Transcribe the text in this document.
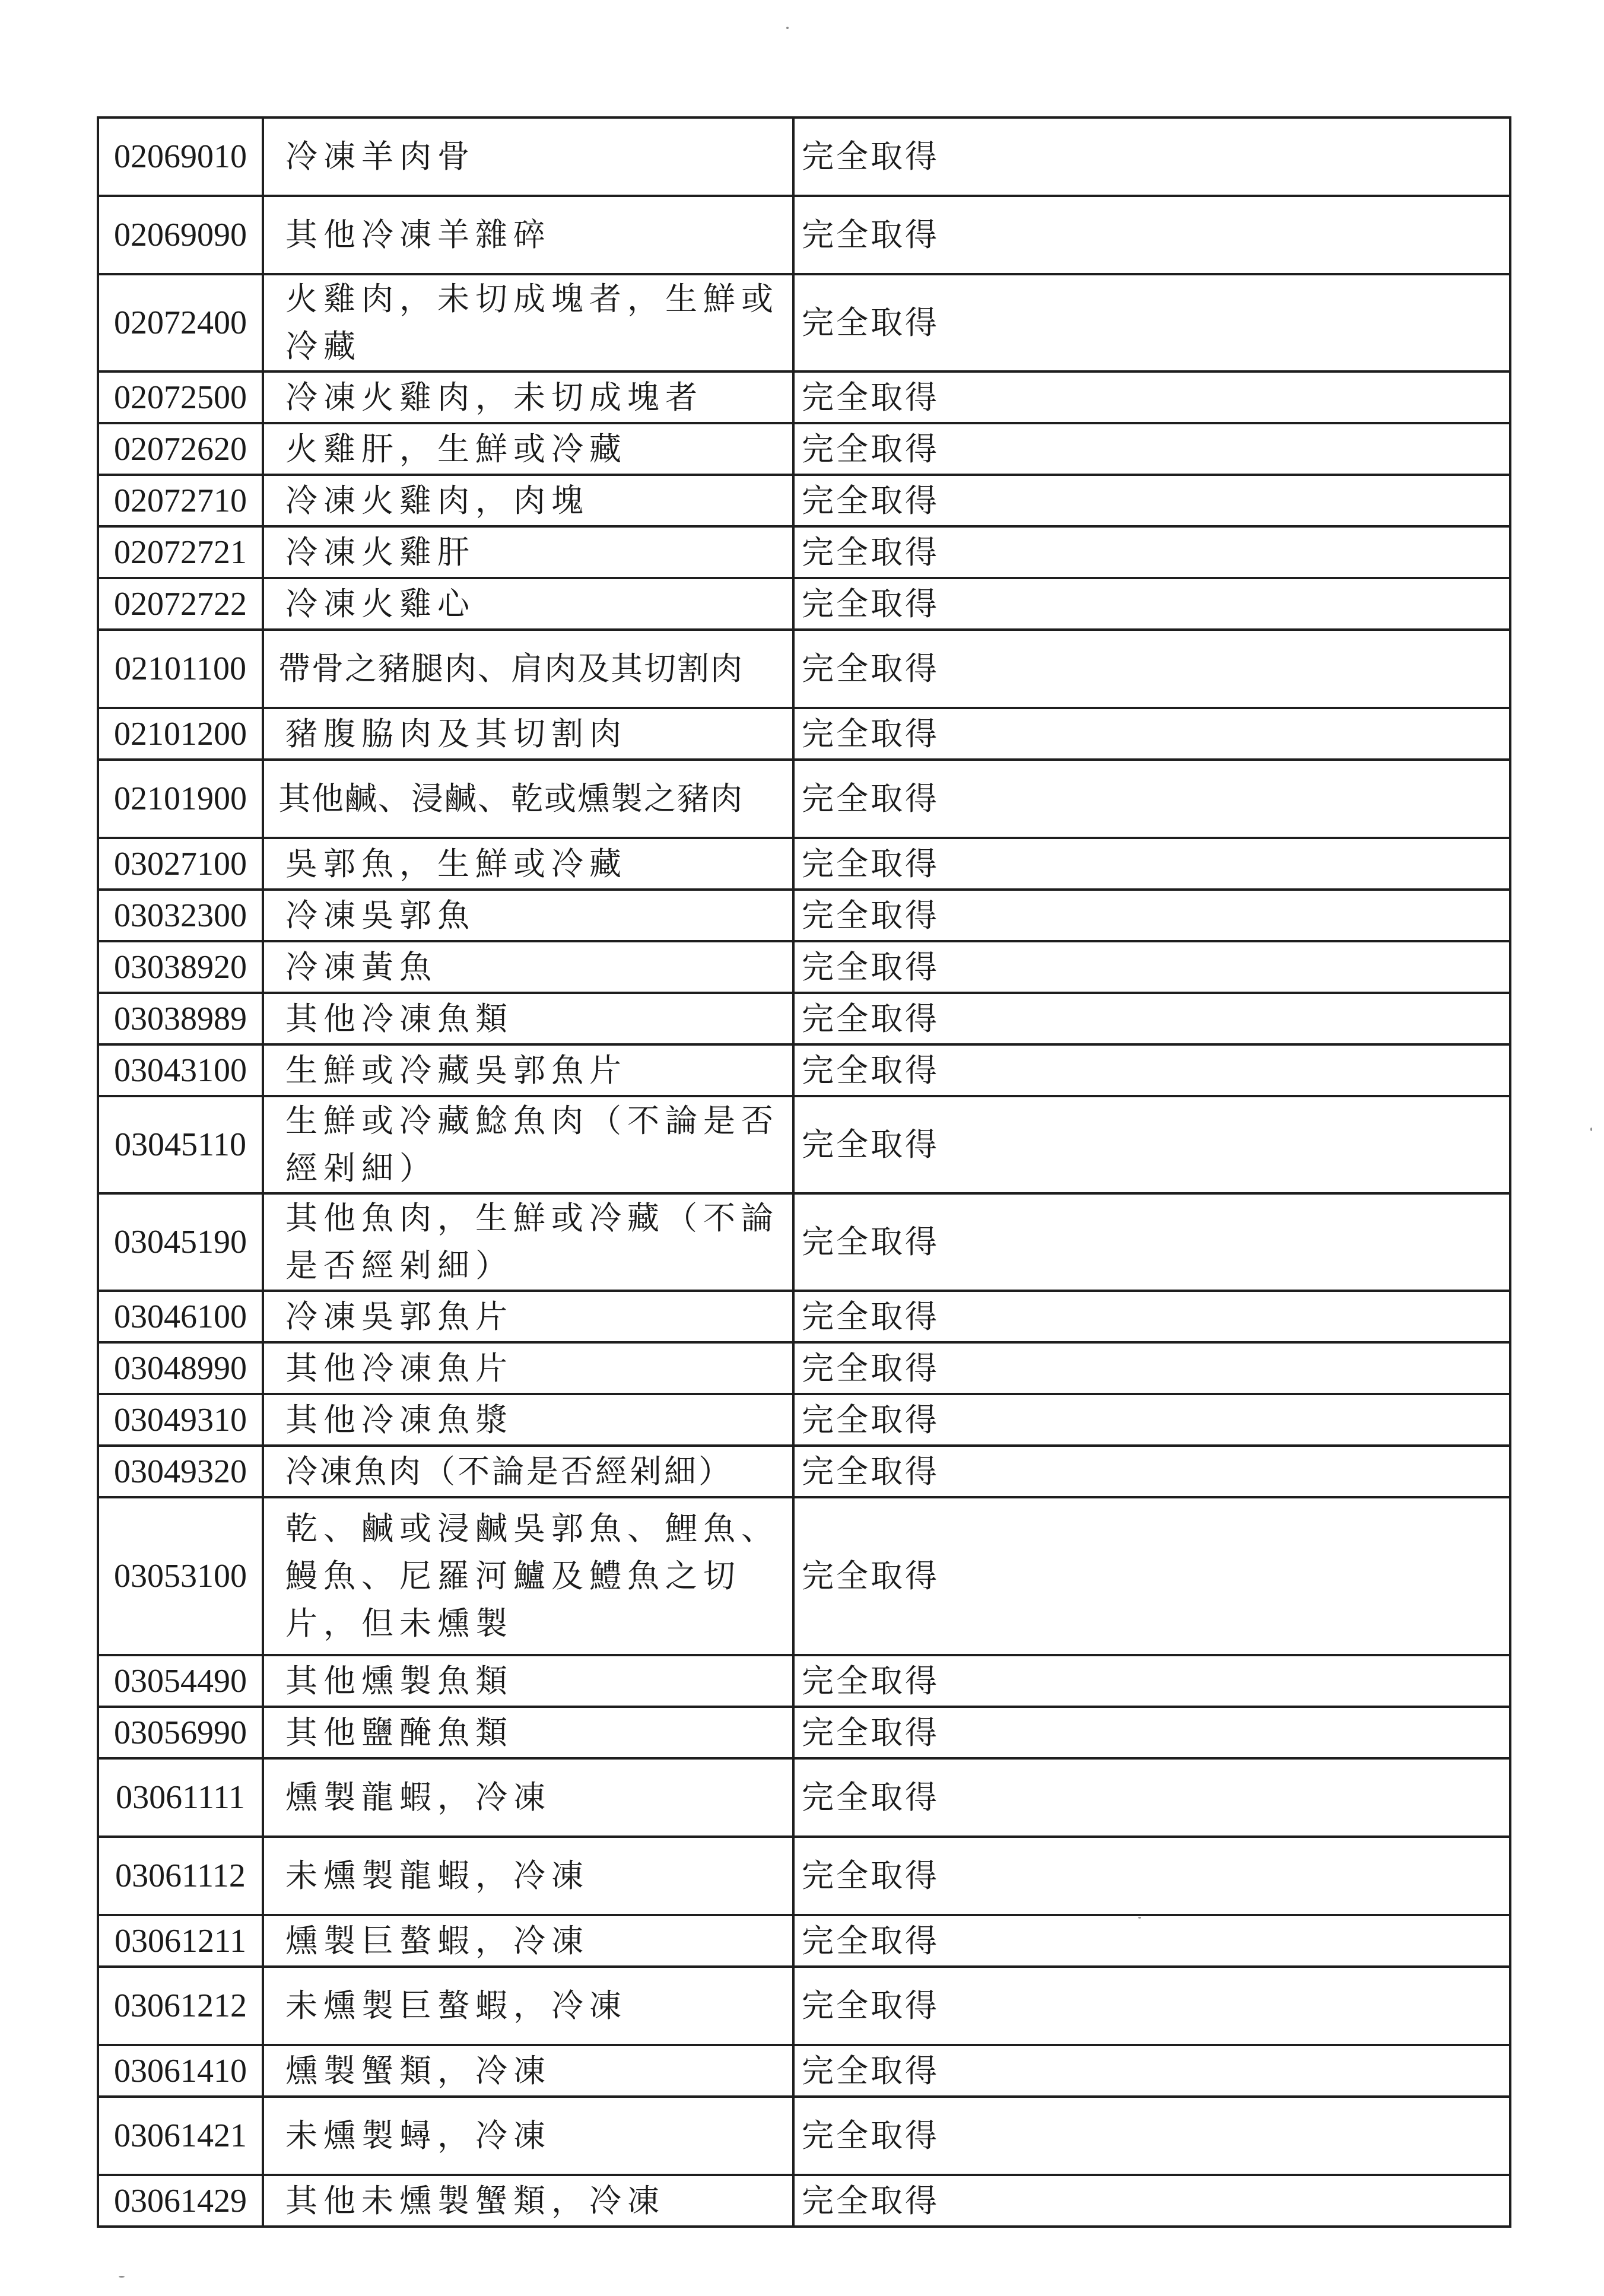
02069010	冷凍羊肉骨	完全取得
02069090	其他冷凍羊雜碎	完全取得
02072400	火雞肉，未切成塊者，生鮮或冷藏	完全取得
02072500	冷凍火雞肉，未切成塊者	完全取得
02072620	火雞肝，生鮮或冷藏	完全取得
02072710	冷凍火雞肉，肉塊	完全取得
02072721	冷凍火雞肝	完全取得
02072722	冷凍火雞心	完全取得
02101100	帶骨之豬腿肉、肩肉及其切割肉	完全取得
02101200	豬腹脇肉及其切割肉	完全取得
02101900	其他鹹、浸鹹、乾或燻製之豬肉	完全取得
03027100	吳郭魚，生鮮或冷藏	完全取得
03032300	冷凍吳郭魚	完全取得
03038920	冷凍黃魚	完全取得
03038989	其他冷凍魚類	完全取得
03043100	生鮮或冷藏吳郭魚片	完全取得
03045110	生鮮或冷藏鯰魚肉（不論是否經剁細）	完全取得
03045190	其他魚肉，生鮮或冷藏（不論是否經剁細）	完全取得
03046100	冷凍吳郭魚片	完全取得
03048990	其他冷凍魚片	完全取得
03049310	其他冷凍魚漿	完全取得
03049320	冷凍魚肉（不論是否經剁細）	完全取得
03053100	乾、鹹或浸鹹吳郭魚、鯉魚、鰻魚、尼羅河鱸及鱧魚之切片，但未燻製	完全取得
03054490	其他燻製魚類	完全取得
03056990	其他鹽醃魚類	完全取得
03061111	燻製龍蝦，冷凍	完全取得
03061112	未燻製龍蝦，冷凍	完全取得
03061211	燻製巨螯蝦，冷凍	完全取得
03061212	未燻製巨螯蝦，冷凍	完全取得
03061410	燻製蟹類，冷凍	完全取得
03061421	未燻製蟳，冷凍	完全取得
03061429	其他未燻製蟹類，冷凍	完全取得
